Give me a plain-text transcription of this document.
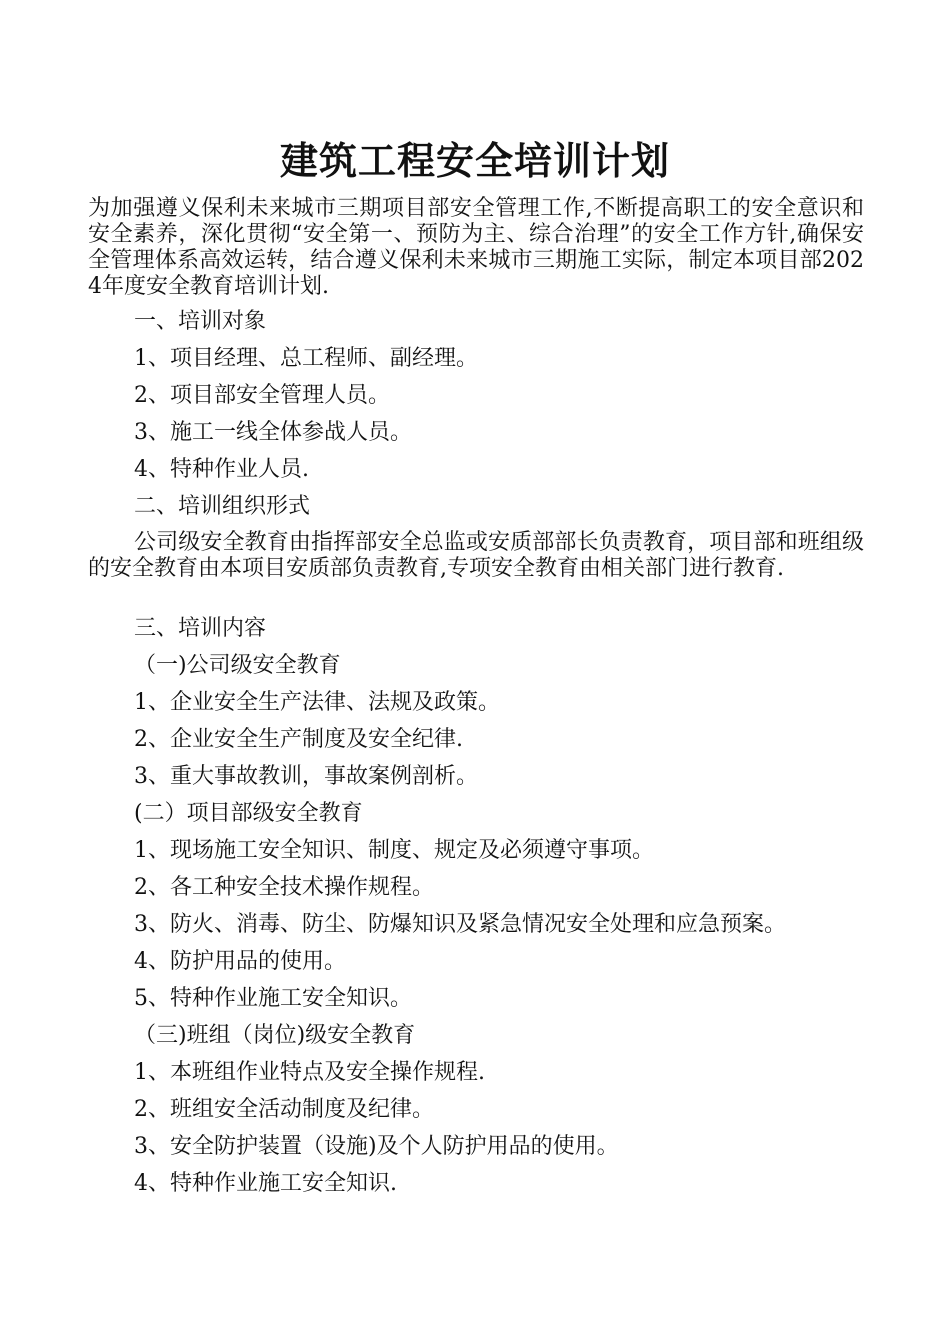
建筑工程安全培训计划

为加强遵义保利未来城市三期项目部安全管理工作,不断提高职工的安全意识和安全素养，深化贯彻“安全第一、预防为主、综合治理”的安全工作方针,确保安全管理体系高效运转，结合遵义保利未来城市三期施工实际，制定本项目部2024年度安全教育培训计划.

一、培训对象

1、项目经理、总工程师、副经理。

2、项目部安全管理人员。

3、施工一线全体参战人员。

4、特种作业人员.

二、培训组织形式

公司级安全教育由指挥部安全总监或安质部部长负责教育，项目部和班组级的安全教育由本项目安质部负责教育,专项安全教育由相关部门进行教育.

三、培训内容

（一)公司级安全教育

1、企业安全生产法律、法规及政策。

2、企业安全生产制度及安全纪律.

3、重大事故教训，事故案例剖析。

(二）项目部级安全教育

1、现场施工安全知识、制度、规定及必须遵守事项。

2、各工种安全技术操作规程。

3、防火、消毒、防尘、防爆知识及紧急情况安全处理和应急预案。

4、防护用品的使用。

5、特种作业施工安全知识。

（三)班组（岗位)级安全教育

1、本班组作业特点及安全操作规程.

2、班组安全活动制度及纪律。

3、安全防护装置（设施)及个人防护用品的使用。

4、特种作业施工安全知识.
